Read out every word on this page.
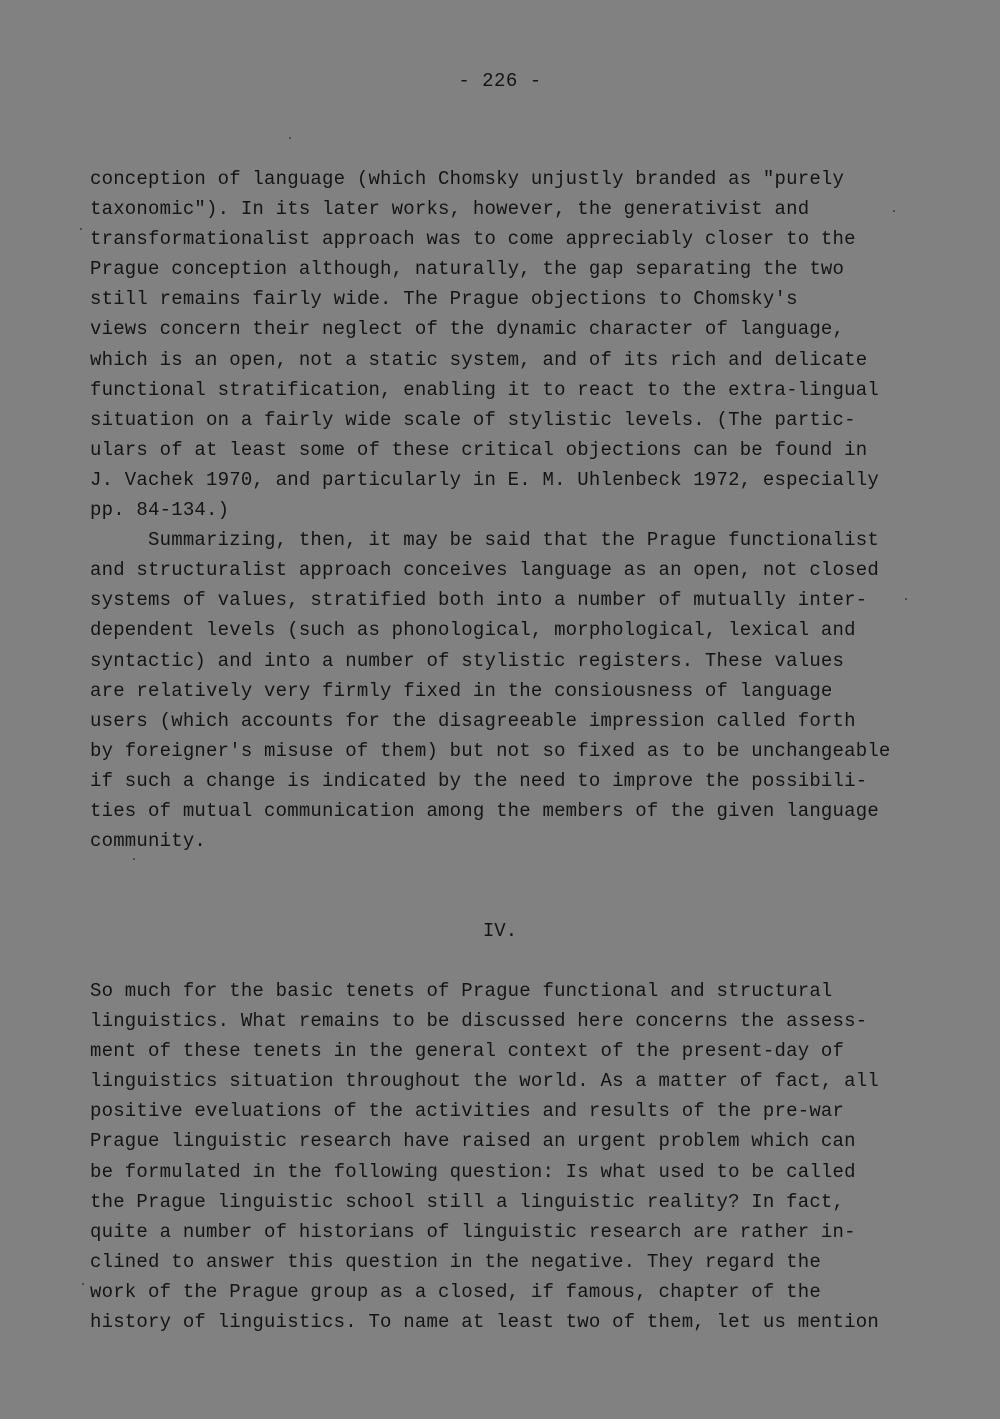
- 226 -
conception of language (which Chomsky unjustly branded as "purely
taxonomic"). In its later works, however, the generativist and
transformationalist approach was to come appreciably closer to the
Prague conception although, naturally, the gap separating the two
still remains fairly wide. The Prague objections to Chomsky's
views concern their neglect of the dynamic character of language,
which is an open, not a static system, and of its rich and delicate
functional stratification, enabling it to react to the extra-lingual
situation on a fairly wide scale of stylistic levels. (The partic-
ulars of at least some of these critical objections can be found in
J. Vachek 1970, and particularly in E. M. Uhlenbeck 1972, especially
pp. 84-134.)
Summarizing, then, it may be said that the Prague functionalist
and structuralist approach conceives language as an open, not closed
systems of values, stratified both into a number of mutually inter-
dependent levels (such as phonological, morphological, lexical and
syntactic) and into a number of stylistic registers. These values
are relatively very firmly fixed in the consiousness of language
users (which accounts for the disagreeable impression called forth
by foreigner's misuse of them) but not so fixed as to be unchangeable
if such a change is indicated by the need to improve the possibili-
ties of mutual communication among the members of the given language
community.
IV.
So much for the basic tenets of Prague functional and structural
linguistics. What remains to be discussed here concerns the assess-
ment of these tenets in the general context of the present-day of
linguistics situation throughout the world. As a matter of fact, all
positive eveluations of the activities and results of the pre-war
Prague linguistic research have raised an urgent problem which can
be formulated in the following question: Is what used to be called
the Prague linguistic school still a linguistic reality? In fact,
quite a number of historians of linguistic research are rather in-
clined to answer this question in the negative. They regard the
work of the Prague group as a closed, if famous, chapter of the
history of linguistics. To name at least two of them, let us mention
